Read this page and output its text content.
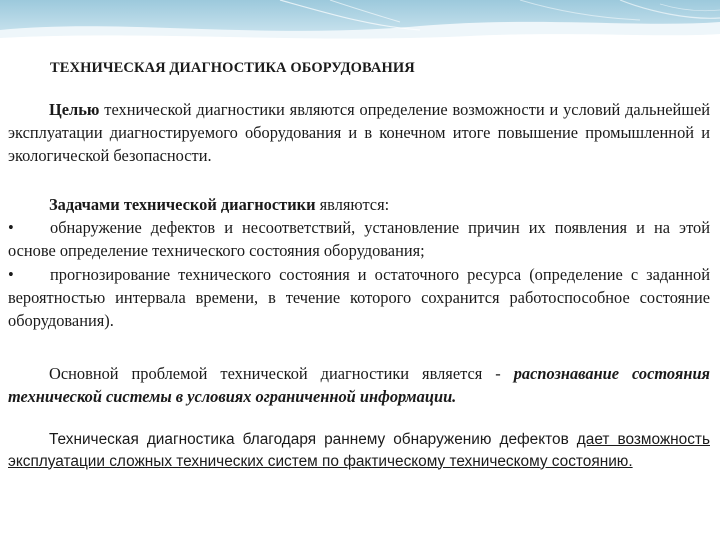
ТЕХНИЧЕСКАЯ ДИАГНОСТИКА ОБОРУДОВАНИЯ

Целью технической диагностики являются определение возможности и условий дальнейшей эксплуатации диагностируемого оборудования и в конечном итоге повышение промышленной и экологической безопасности.

Задачами технической диагностики являются:

• обнаружение дефектов и несоответствий, установление причин их появления и на этой основе определение технического состояния оборудования;

• прогнозирование технического состояния и остаточного ресурса (определение с заданной вероятностью интервала времени, в течение которого сохранится работоспособное состояние оборудования).

Основной проблемой технической диагностики является - распознавание состояния технической системы в условиях ограниченной информации.

Техническая диагностика благодаря раннему обнаружению дефектов дает возможность эксплуатации сложных технических систем по фактическому техническому состоянию.
